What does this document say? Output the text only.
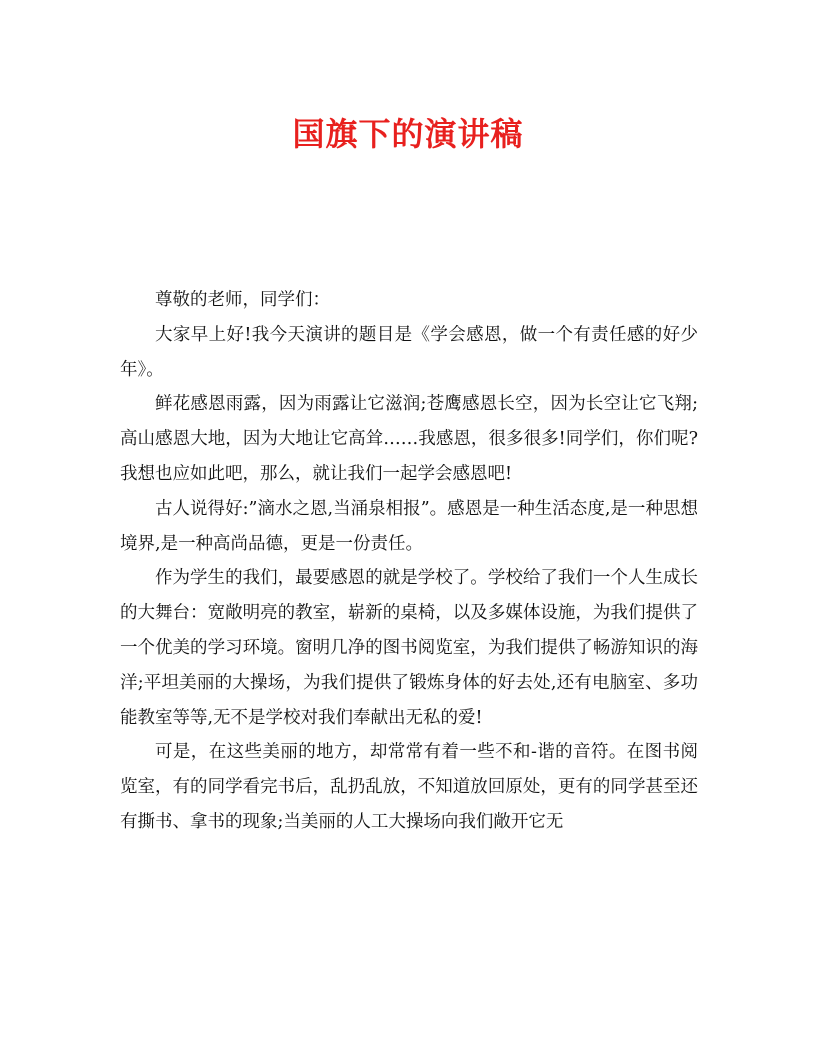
国旗下的演讲稿

尊敬的老师，同学们：

大家早上好!我今天演讲的题目是《学会感恩，做一个有责任感的好少年》。

鲜花感恩雨露，因为雨露让它滋润;苍鹰感恩长空，因为长空让它飞翔;高山感恩大地，因为大地让它高耸……我感恩，很多很多!同学们，你们呢?我想也应如此吧，那么，就让我们一起学会感恩吧!

古人说得好:”滴水之恩,当涌泉相报”。感恩是一种生活态度,是一种思想境界,是一种高尚品德，更是一份责任。

作为学生的我们，最要感恩的就是学校了。学校给了我们一个人生成长的大舞台：宽敞明亮的教室，崭新的桌椅，以及多媒体设施，为我们提供了一个优美的学习环境。窗明几净的图书阅览室，为我们提供了畅游知识的海洋;平坦美丽的大操场，为我们提供了锻炼身体的好去处,还有电脑室、多功能教室等等,无不是学校对我们奉献出无私的爱!

可是，在这些美丽的地方，却常常有着一些不和-谐的音符。在图书阅览室，有的同学看完书后，乱扔乱放，不知道放回原处，更有的同学甚至还有撕书、拿书的现象;当美丽的人工大操场向我们敞开它无
